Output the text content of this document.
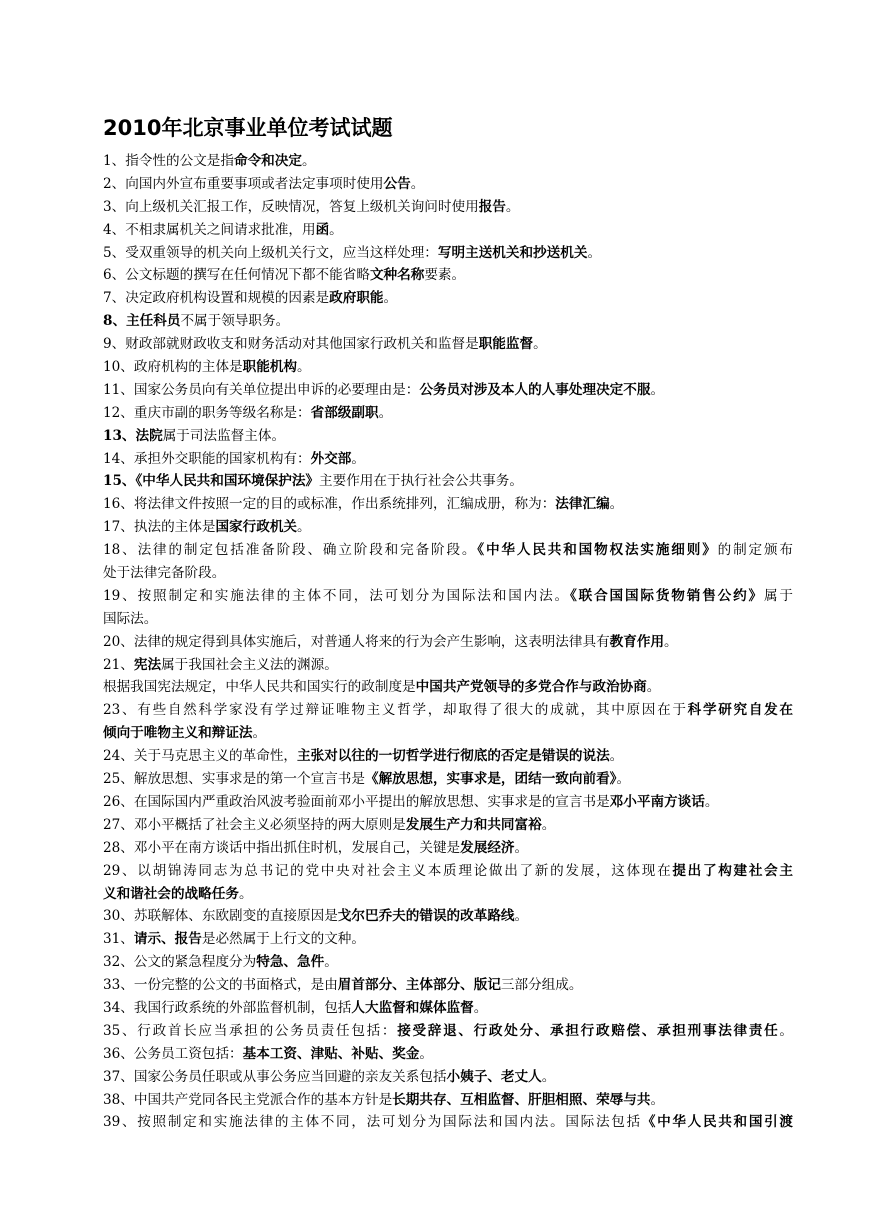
2010年北京事业单位考试试题
1、指令性的公文是指命令和决定。
2、向国内外宣布重要事项或者法定事项时使用公告。
3、向上级机关汇报工作，反映情况，答复上级机关询问时使用报告。
4、不相隶属机关之间请求批准，用函。
5、受双重领导的机关向上级机关行文，应当这样处理：写明主送机关和抄送机关。
6、公文标题的撰写在任何情况下都不能省略文种名称要素。
7、决定政府机构设置和规模的因素是政府职能。
8、主任科员不属于领导职务。
9、财政部就财政收支和财务活动对其他国家行政机关和监督是职能监督。
10、政府机构的主体是职能机构。
11、国家公务员向有关单位提出申诉的必要理由是：公务员对涉及本人的人事处理决定不服。
12、重庆市副的职务等级名称是：省部级副职。
13、法院属于司法监督主体。
14、承担外交职能的国家机构有：外交部。
15、《中华人民共和国环境保护法》主要作用在于执行社会公共事务。
16、将法律文件按照一定的目的或标准，作出系统排列，汇编成册，称为：法律汇编。
17、执法的主体是国家行政机关。
18、法律的制定包括准备阶段、确立阶段和完备阶段。《中华人民共和国物权法实施细则》的制定颁布
处于法律完备阶段。
19、按照制定和实施法律的主体不同，法可划分为国际法和国内法。《联合国国际货物销售公约》属于
国际法。
20、法律的规定得到具体实施后，对普通人将来的行为会产生影响，这表明法律具有教育作用。
21、宪法属于我国社会主义法的渊源。
根据我国宪法规定，中华人民共和国实行的政制度是中国共产党领导的多党合作与政治协商。
23、有些自然科学家没有学过辩证唯物主义哲学，却取得了很大的成就，其中原因在于科学研究自发在
倾向于唯物主义和辩证法。
24、关于马克思主义的革命性，主张对以往的一切哲学进行彻底的否定是错误的说法。
25、解放思想、实事求是的第一个宣言书是《解放思想，实事求是，团结一致向前看》。
26、在国际国内严重政治风波考验面前邓小平提出的解放思想、实事求是的宣言书是邓小平南方谈话。
27、邓小平概括了社会主义必须坚持的两大原则是发展生产力和共同富裕。
28、邓小平在南方谈话中指出抓住时机，发展自己，关键是发展经济。
29、以胡锦涛同志为总书记的党中央对社会主义本质理论做出了新的发展，这体现在提出了构建社会主
义和谐社会的战略任务。
30、苏联解体、东欧剧变的直接原因是戈尔巴乔夫的错误的改革路线。
31、请示、报告是必然属于上行文的文种。
32、公文的紧急程度分为特急、急件。
33、一份完整的公文的书面格式，是由眉首部分、主体部分、版记三部分组成。
34、我国行政系统的外部监督机制，包括人大监督和媒体监督。
35、行政首长应当承担的公务员责任包括：接受辞退、行政处分、承担行政赔偿、承担刑事法律责任。
36、公务员工资包括：基本工资、津贴、补贴、奖金。
37、国家公务员任职或从事公务应当回避的亲友关系包括小姨子、老丈人。
38、中国共产党同各民主党派合作的基本方针是长期共存、互相监督、肝胆相照、荣辱与共。
39、按照制定和实施法律的主体不同，法可划分为国际法和国内法。国际法包括《中华人民共和国引渡
